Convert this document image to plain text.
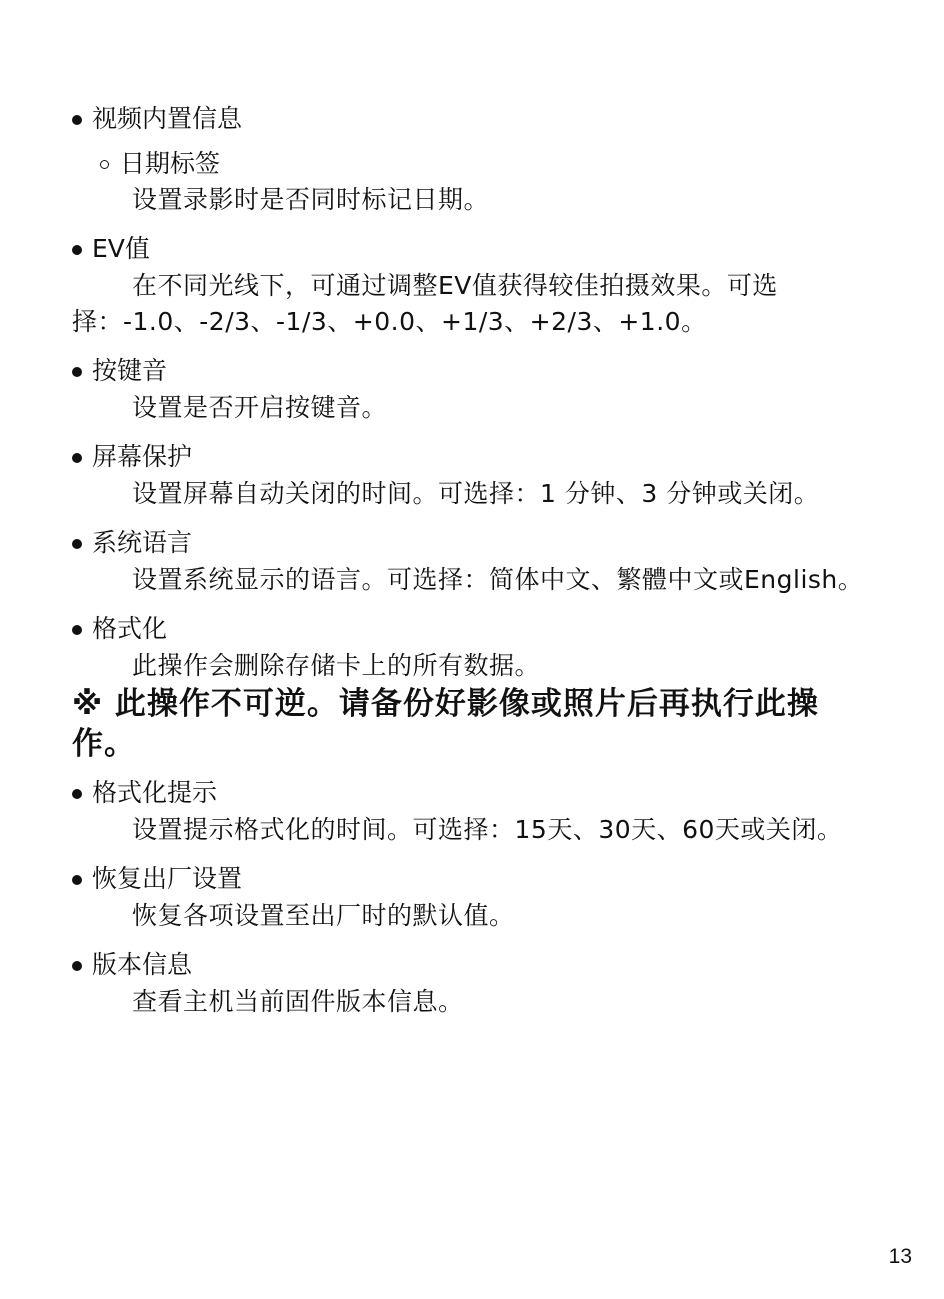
视频内置信息

日期标签

设置录影时是否同时标记日期。

EV值

在不同光线下，可通过调整EV值获得较佳拍摄效果。可选择：-1.0、-2/3、-1/3、+0.0、+1/3、+2/3、+1.0。

按键音

设置是否开启按键音。

屏幕保护

设置屏幕自动关闭的时间。可选择：1 分钟、3 分钟或关闭。

系统语言

设置系统显示的语言。可选择：简体中文、繁體中文或English。

格式化

此操作会删除存储卡上的所有数据。

※ 此操作不可逆。请备份好影像或照片后再执行此操作。

格式化提示

设置提示格式化的时间。可选择：15天、30天、60天或关闭。

恢复出厂设置

恢复各项设置至出厂时的默认值。

版本信息

查看主机当前固件版本信息。

13
